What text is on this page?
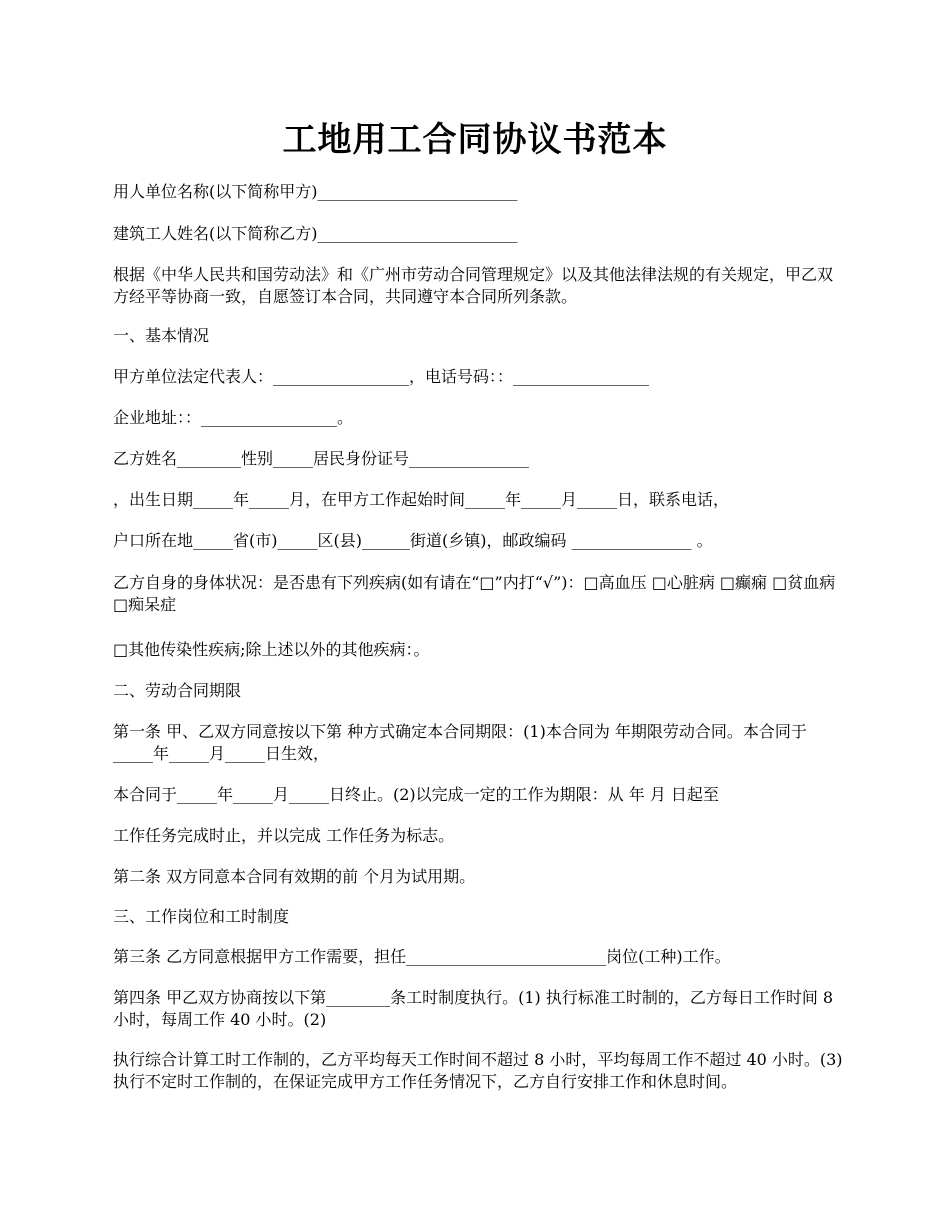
工地用工合同协议书范本
用人单位名称(以下简称甲方)_________________________
建筑工人姓名(以下简称乙方)_________________________
根据《中华人民共和国劳动法》和《广州市劳动合同管理规定》以及其他法律法规的有关规定，甲乙双方经平等协商一致，自愿签订本合同，共同遵守本合同所列条款。
一、基本情况
甲方单位法定代表人：_________________，电话号码：：_________________
企业地址：：_________________。
乙方姓名________性别_____居民身份证号_______________
，出生日期_____年_____月，在甲方工作起始时间_____年_____月_____日，联系电话，
户口所在地_____省(市)_____区(县)______街道(乡镇)，邮政编码 _______________ 。
乙方自身的身体状况：是否患有下列疾病(如有请在“□”内打“√”)：□高血压 □心脏病 □癫痫 □贫血病 □痴呆症
□其他传染性疾病;除上述以外的其他疾病：。
二、劳动合同期限
第一条 甲、乙双方同意按以下第 种方式确定本合同期限：(1)本合同为 年期限劳动合同。本合同于_____年_____月_____日生效，
本合同于_____年_____月_____日终止。(2)以完成一定的工作为期限：从 年 月 日起至
工作任务完成时止，并以完成 工作任务为标志。
第二条 双方同意本合同有效期的前 个月为试用期。
三、工作岗位和工时制度
第三条 乙方同意根据甲方工作需要，担任_________________________岗位(工种)工作。
第四条 甲乙双方协商按以下第________条工时制度执行。(1) 执行标准工时制的，乙方每日工作时间 8 小时，每周工作 40 小时。(2)
执行综合计算工时工作制的，乙方平均每天工作时间不超过 8 小时，平均每周工作不超过 40 小时。(3)执行不定时工作制的，在保证完成甲方工作任务情况下，乙方自行安排工作和休息时间。
